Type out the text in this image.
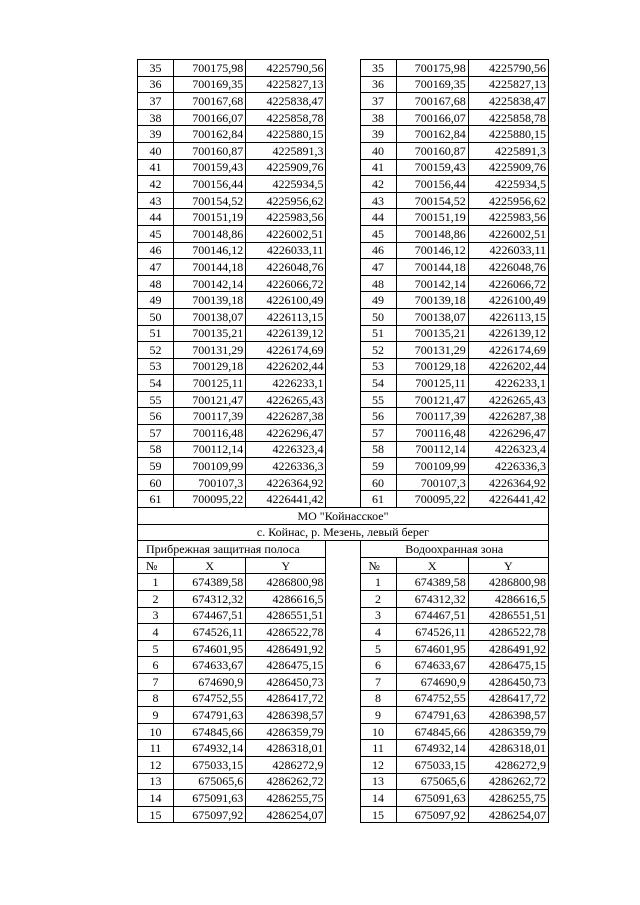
35	700175,98	4225790,56		35	700175,98	4225790,56
36	700169,35	4225827,13		36	700169,35	4225827,13
37	700167,68	4225838,47		37	700167,68	4225838,47
38	700166,07	4225858,78		38	700166,07	4225858,78
39	700162,84	4225880,15		39	700162,84	4225880,15
40	700160,87	4225891,3		40	700160,87	4225891,3
41	700159,43	4225909,76		41	700159,43	4225909,76
42	700156,44	4225934,5		42	700156,44	4225934,5
43	700154,52	4225956,62		43	700154,52	4225956,62
44	700151,19	4225983,56		44	700151,19	4225983,56
45	700148,86	4226002,51		45	700148,86	4226002,51
46	700146,12	4226033,11		46	700146,12	4226033,11
47	700144,18	4226048,76		47	700144,18	4226048,76
48	700142,14	4226066,72		48	700142,14	4226066,72
49	700139,18	4226100,49		49	700139,18	4226100,49
50	700138,07	4226113,15		50	700138,07	4226113,15
51	700135,21	4226139,12		51	700135,21	4226139,12
52	700131,29	4226174,69		52	700131,29	4226174,69
53	700129,18	4226202,44		53	700129,18	4226202,44
54	700125,11	4226233,1		54	700125,11	4226233,1
55	700121,47	4226265,43		55	700121,47	4226265,43
56	700117,39	4226287,38		56	700117,39	4226287,38
57	700116,48	4226296,47		57	700116,48	4226296,47
58	700112,14	4226323,4		58	700112,14	4226323,4
59	700109,99	4226336,3		59	700109,99	4226336,3
60	700107,3	4226364,92		60	700107,3	4226364,92
61	700095,22	4226441,42		61	700095,22	4226441,42
МО "Койнасское"						
с. Койнас, р. Мезень, левый берег						
Прибрежная защитная полоса				Водоохранная зона		
№	X	Y		№	X	Y
1	674389,58	4286800,98		1	674389,58	4286800,98
2	674312,32	4286616,5		2	674312,32	4286616,5
3	674467,51	4286551,51		3	674467,51	4286551,51
4	674526,11	4286522,78		4	674526,11	4286522,78
5	674601,95	4286491,92		5	674601,95	4286491,92
6	674633,67	4286475,15		6	674633,67	4286475,15
7	674690,9	4286450,73		7	674690,9	4286450,73
8	674752,55	4286417,72		8	674752,55	4286417,72
9	674791,63	4286398,57		9	674791,63	4286398,57
10	674845,66	4286359,79		10	674845,66	4286359,79
11	674932,14	4286318,01		11	674932,14	4286318,01
12	675033,15	4286272,9		12	675033,15	4286272,9
13	675065,6	4286262,72		13	675065,6	4286262,72
14	675091,63	4286255,75		14	675091,63	4286255,75
15	675097,92	4286254,07		15	675097,92	4286254,07
